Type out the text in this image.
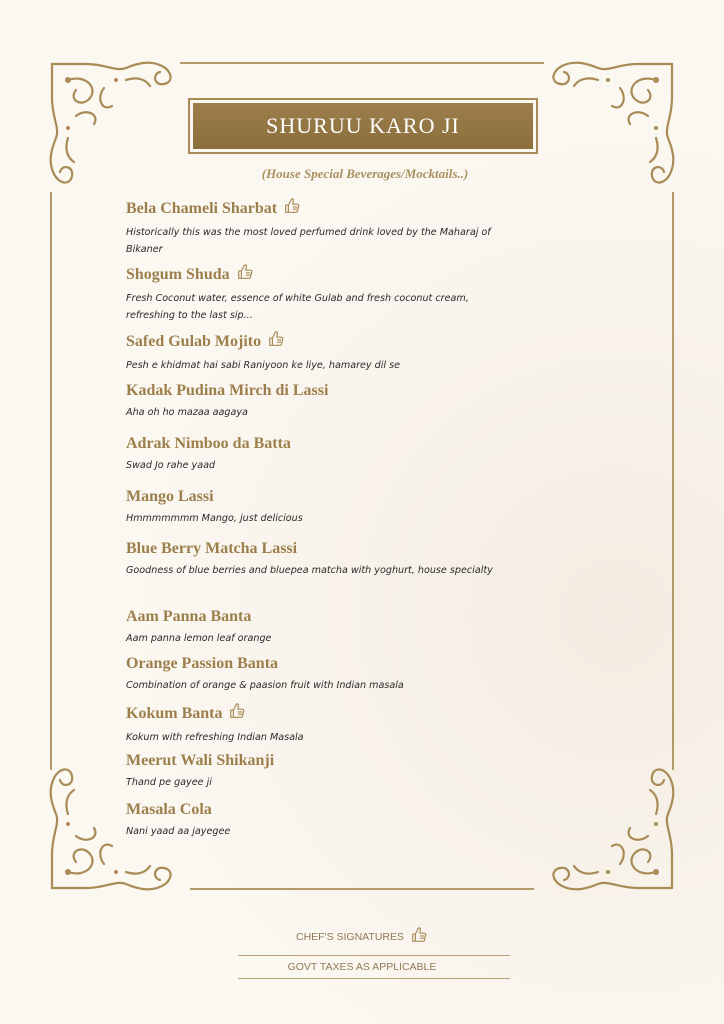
SHURUU KARO JI
(House Special Beverages/Mocktails..)
Bela Chameli Sharbat
Historically this was the most loved perfumed drink loved by the Maharaj of Bikaner
Shogum Shuda
Fresh Coconut water, essence of white Gulab and fresh coconut cream, refreshing to the last sip...
Safed Gulab Mojito
Pesh e khidmat hai sabi Raniyoon ke liye, hamarey dil se
Kadak Pudina Mirch di Lassi
Aha oh ho mazaa aagaya
Adrak Nimboo da Batta
Swad Jo rahe yaad
Mango Lassi
Hmmmmmmm Mango, just delicious
Blue Berry Matcha Lassi
Goodness of blue berries and bluepea matcha with yoghurt, house specialty
Aam Panna Banta
Aam panna lemon leaf orange
Orange Passion Banta
Combination of orange & paasion fruit with Indian masala
Kokum Banta
Kokum with refreshing Indian Masala
Meerut Wali Shikanji
Thand pe gayee ji
Masala Cola
Nani yaad aa jayegee
CHEF'S SIGNATURES
GOVT TAXES AS APPLICABLE
